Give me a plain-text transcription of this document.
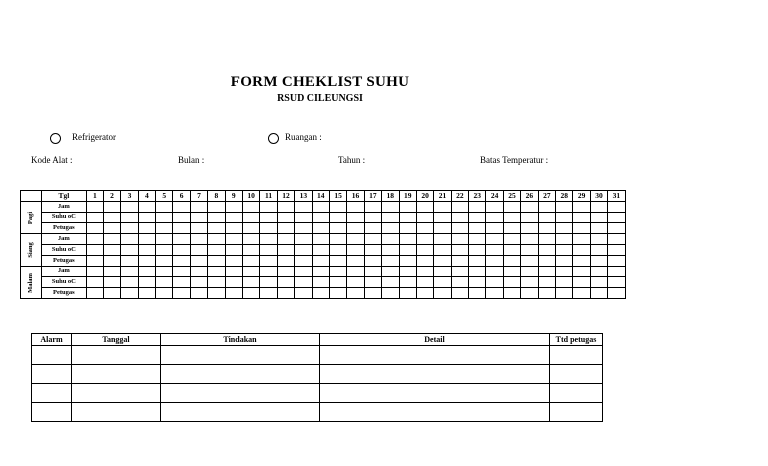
FORM CHEKLIST SUHU
RSUD CILEUNGSI
Refrigerator	Ruangan :
Kode Alat :	Bulan :	Tahun :	Batas Temperatur :
	Tgl	1	2	3	4	5	6	7	8	9	10	11	12	13	14	15	16	17	18	19	20	21	22	23	24	25	26	27	28	29	30	31
Pagi	Jam																															
	Suhu oC																															
	Petugas																															
Siang	Jam																															
	Suhu oC																															
	Petugas																															
Malam	Jam																															
	Suhu oC																															
	Petugas																															
Alarm	Tanggal	Tindakan	Detail	Ttd petugas
